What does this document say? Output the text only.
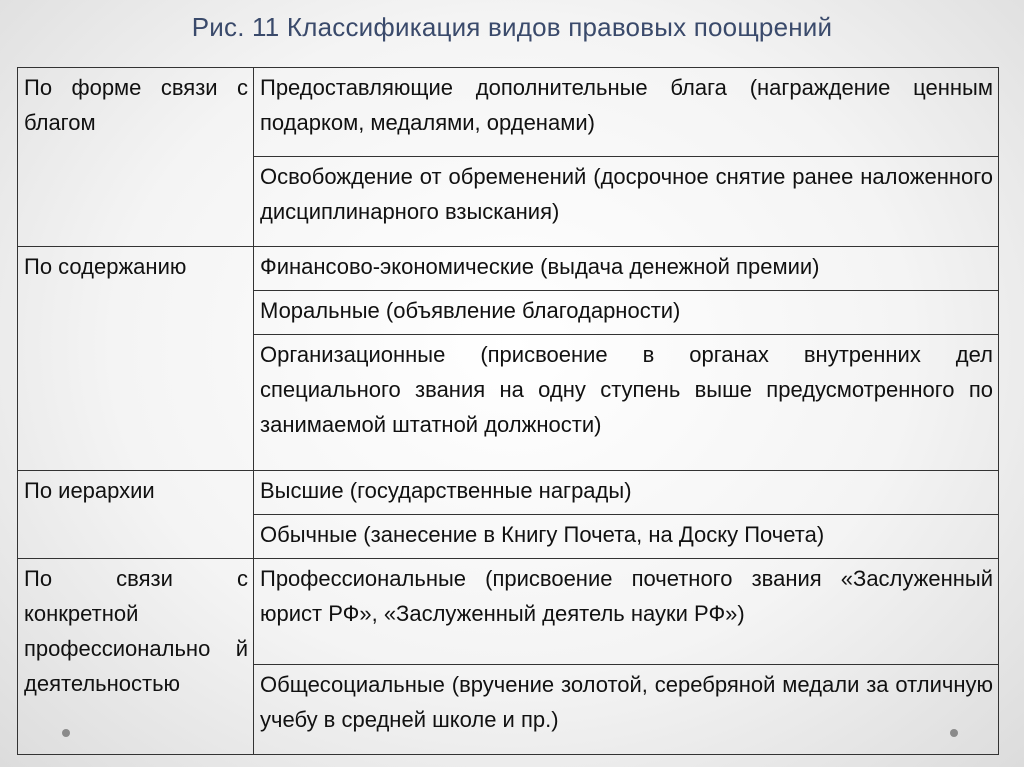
Рис. 11 Классификация видов правовых поощрений
По форме связи с благом	Предоставляющие дополнительные блага (награждение ценным подарком, медалями, орденами)
	Освобождение от обременений (досрочное снятие ранее наложенного дисциплинарного взыскания)
По содержанию	Финансово-экономические (выдача денежной премии)
	Моральные (объявление благодарности)
	Организационные (присвоение в органах внутренних дел специального звания на одну ступень выше предусмотренного по занимаемой штатной должности)
По иерархии	Высшие (государственные награды)
	Обычные (занесение в Книгу Почета, на Доску Почета)
По связи с конкретной профессионально й деятельностью	Профессиональные (присвоение почетного звания «Заслуженный юрист РФ», «Заслуженный деятель науки РФ»)
	Общесоциальные (вручение золотой, серебряной медали за отличную учебу в средней школе и пр.)
